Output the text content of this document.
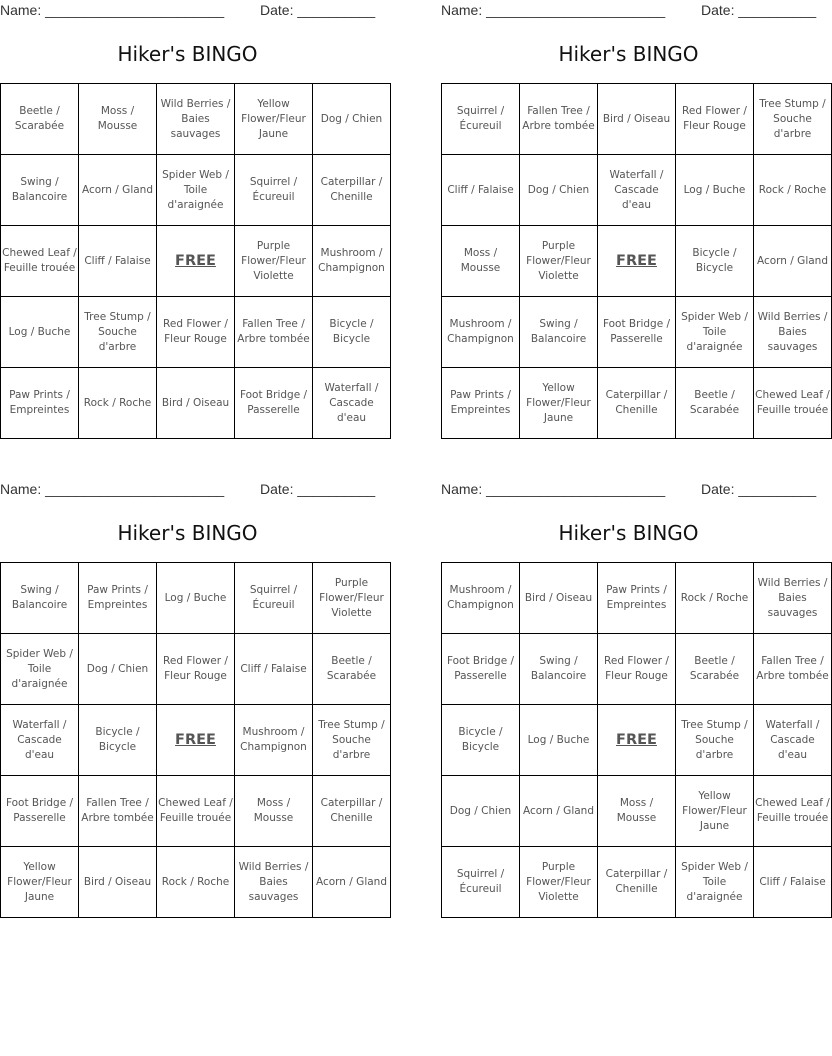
Name: _______________________	Date: __________
Hiker's BINGO
Beetle / Scarabée	Moss / Mousse	Wild Berries / Baies sauvages	Yellow Flower/Fleur Jaune	Dog / Chien
Swing / Balancoire	Acorn / Gland	Spider Web / Toile d'araignée	Squirrel / Écureuil	Caterpillar / Chenille
Chewed Leaf / Feuille trouée	Cliff / Falaise	FREE	Purple Flower/Fleur Violette	Mushroom / Champignon
Log / Buche	Tree Stump / Souche d'arbre	Red Flower / Fleur Rouge	Fallen Tree / Arbre tombée	Bicycle / Bicycle
Paw Prints / Empreintes	Rock / Roche	Bird / Oiseau	Foot Bridge / Passerelle	Waterfall / Cascade d'eau
Name: _______________________	Date: __________
Hiker's BINGO
Squirrel / Écureuil	Fallen Tree / Arbre tombée	Bird / Oiseau	Red Flower / Fleur Rouge	Tree Stump / Souche d'arbre
Cliff / Falaise	Dog / Chien	Waterfall / Cascade d'eau	Log / Buche	Rock / Roche
Moss / Mousse	Purple Flower/Fleur Violette	FREE	Bicycle / Bicycle	Acorn / Gland
Mushroom / Champignon	Swing / Balancoire	Foot Bridge / Passerelle	Spider Web / Toile d'araignée	Wild Berries / Baies sauvages
Paw Prints / Empreintes	Yellow Flower/Fleur Jaune	Caterpillar / Chenille	Beetle / Scarabée	Chewed Leaf / Feuille trouée
Name: _______________________	Date: __________
Hiker's BINGO
Swing / Balancoire	Paw Prints / Empreintes	Log / Buche	Squirrel / Écureuil	Purple Flower/Fleur Violette
Spider Web / Toile d'araignée	Dog / Chien	Red Flower / Fleur Rouge	Cliff / Falaise	Beetle / Scarabée
Waterfall / Cascade d'eau	Bicycle / Bicycle	FREE	Mushroom / Champignon	Tree Stump / Souche d'arbre
Foot Bridge / Passerelle	Fallen Tree / Arbre tombée	Chewed Leaf / Feuille trouée	Moss / Mousse	Caterpillar / Chenille
Yellow Flower/Fleur Jaune	Bird / Oiseau	Rock / Roche	Wild Berries / Baies sauvages	Acorn / Gland
Name: _______________________	Date: __________
Hiker's BINGO
Mushroom / Champignon	Bird / Oiseau	Paw Prints / Empreintes	Rock / Roche	Wild Berries / Baies sauvages
Foot Bridge / Passerelle	Swing / Balancoire	Red Flower / Fleur Rouge	Beetle / Scarabée	Fallen Tree / Arbre tombée
Bicycle / Bicycle	Log / Buche	FREE	Tree Stump / Souche d'arbre	Waterfall / Cascade d'eau
Dog / Chien	Acorn / Gland	Moss / Mousse	Yellow Flower/Fleur Jaune	Chewed Leaf / Feuille trouée
Squirrel / Écureuil	Purple Flower/Fleur Violette	Caterpillar / Chenille	Spider Web / Toile d'araignée	Cliff / Falaise
